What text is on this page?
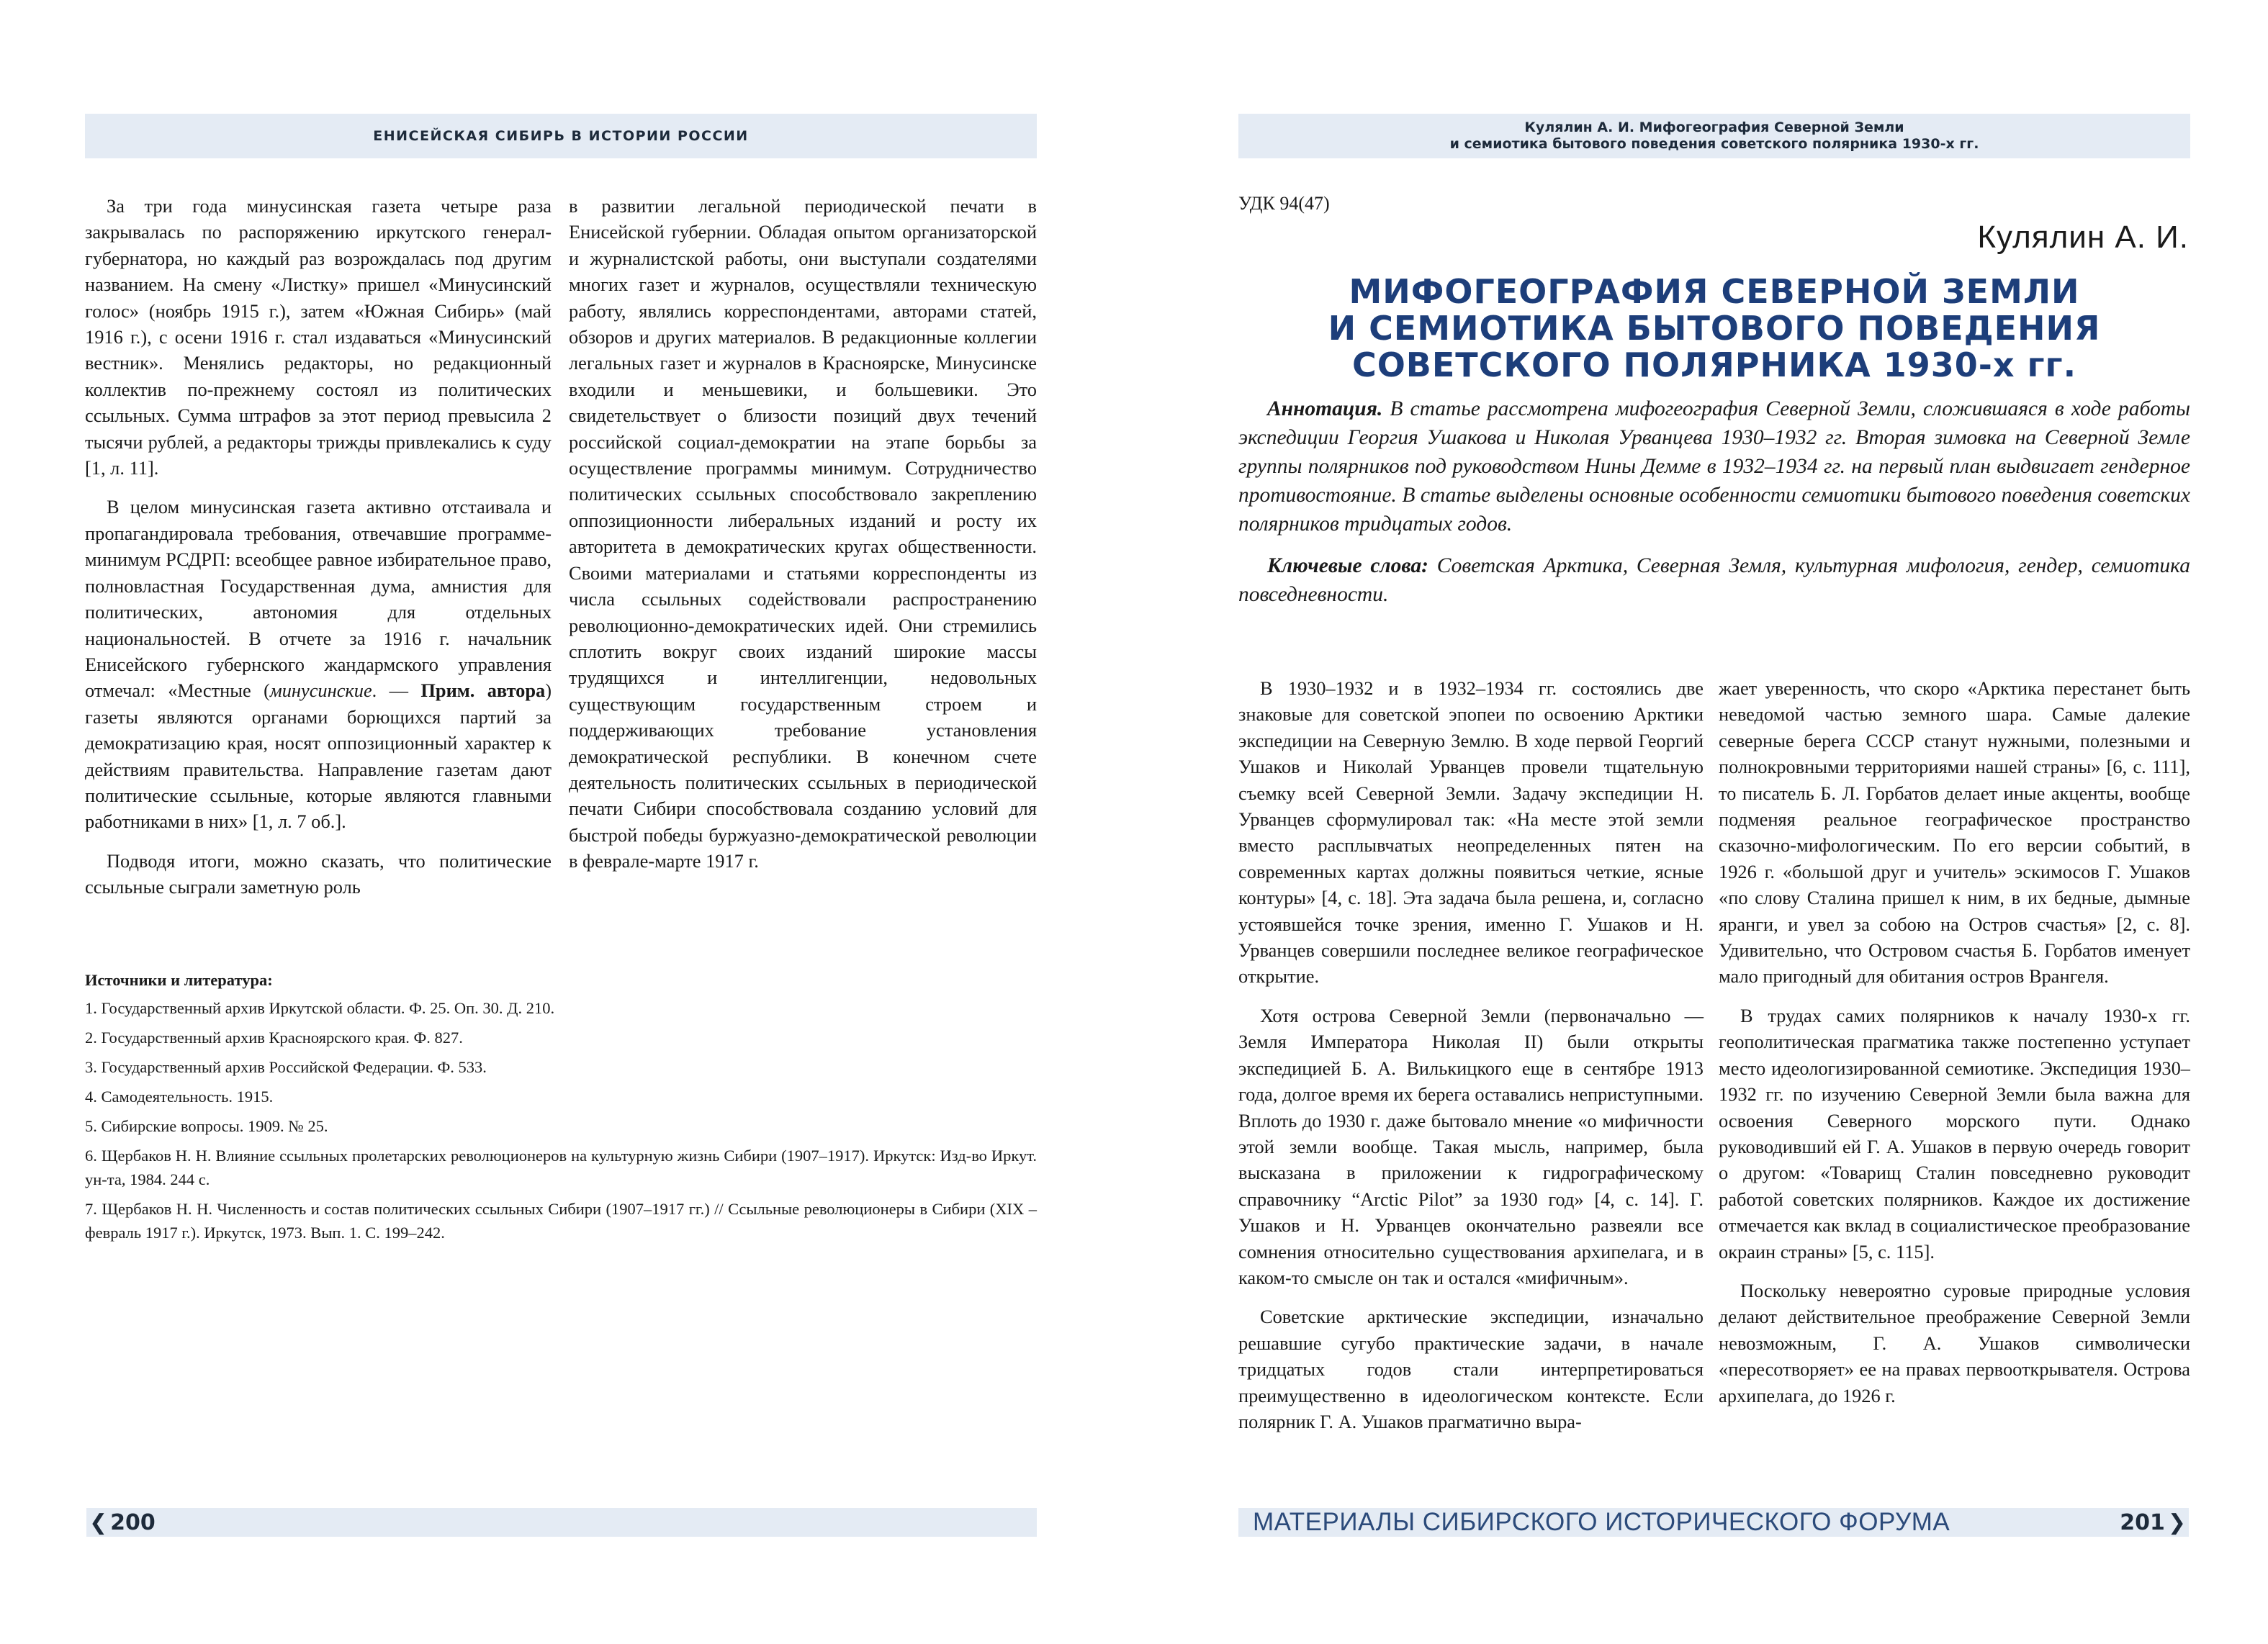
ЕНИСЕЙСКАЯ СИБИРЬ В ИСТОРИИ РОССИИ

За три года минусинская газета четыре раза закрывалась по распоряжению иркутского генерал-губернатора, но каждый раз возрождалась под другим названием. На смену «Листку» пришел «Минусинский голос» (ноябрь 1915 г.), затем «Южная Сибирь» (май 1916 г.), с осени 1916 г. стал издаваться «Минусинский вестник». Менялись редакторы, но редакционный коллектив по-прежнему состоял из политических ссыльных. Сумма штрафов за этот период превысила 2 тысячи рублей, а редакторы трижды привлекались к суду [1, л. 11].

В целом минусинская газета активно отстаивала и пропагандировала требования, отвечавшие программе-минимум РСДРП: всеобщее равное избирательное право, полновластная Государственная дума, амнистия для политических, автономия для отдельных национальностей. В отчете за 1916 г. начальник Енисейского губернского жандармского управления отмечал: «Местные (минусинские. — Прим. автора) газеты являются органами борющихся партий за демократизацию края, носят оппозиционный характер к действиям правительства. Направление газетам дают политические ссыльные, которые являются главными работниками в них» [1, л. 7 об.].

Подводя итоги, можно сказать, что политические ссыльные сыграли заметную роль

в развитии легальной периодической печати в Енисейской губернии. Обладая опытом организаторской и журналистской работы, они выступали создателями многих газет и журналов, осуществляли техническую работу, являлись корреспондентами, авторами статей, обзоров и других материалов. В редакционные коллегии легальных газет и журналов в Красноярске, Минусинске входили и меньшевики, и большевики. Это свидетельствует о близости позиций двух течений российской социал-демократии на этапе борьбы за осуществление программы минимум. Сотрудничество политических ссыльных способствовало закреплению оппозиционности либеральных изданий и росту их авторитета в демократических кругах общественности. Своими материалами и статьями корреспонденты из числа ссыльных содействовали распространению революционно-демократических идей. Они стремились сплотить вокруг своих изданий широкие массы трудящихся и интеллигенции, недовольных существующим государственным строем и поддерживающих требование установления демократической республики. В конечном счете деятельность политических ссыльных в периодической печати Сибири способствовала созданию условий для быстрой победы буржуазно-демократической революции в феврале-марте 1917 г.

Источники и литература:
1. Государственный архив Иркутской области. Ф. 25. Оп. 30. Д. 210.
2. Государственный архив Красноярского края. Ф. 827.
3. Государственный архив Российской Федерации. Ф. 533.
4. Самодеятельность. 1915.
5. Сибирские вопросы. 1909. № 25.
6. Щербаков Н. Н. Влияние ссыльных пролетарских революционеров на культурную жизнь Сибири (1907–1917). Иркутск: Изд-во Иркут. ун-та, 1984. 244 с.
7. Щербаков Н. Н. Численность и состав политических ссыльных Сибири (1907–1917 гг.) // Ссыльные революционеры в Сибири (XIX – февраль 1917 г.). Иркутск, 1973. Вып. 1. С. 199–242.
❮ 200
Кулялин А. И. Мифогеография Северной Земли
и семиотика бытового поведения советского полярника 1930-х гг.
УДК 94(47)
Кулялин А. И.
МИФОГЕОГРАФИЯ СЕВЕРНОЙ ЗЕМЛИ
И СЕМИОТИКА БЫТОВОГО ПОВЕДЕНИЯ
СОВЕТСКОГО ПОЛЯРНИКА 1930-х гг.

Аннотация. В статье рассмотрена мифогеография Северной Земли, сложившаяся в ходе работы экспедиции Георгия Ушакова и Николая Урванцева 1930–1932 гг. Вторая зимовка на Северной Земле группы полярников под руководством Нины Демме в 1932–1934 гг. на первый план выдвигает гендерное противостояние. В статье выделены основные особенности семиотики бытового поведения советских полярников тридцатых годов.

Ключевые слова: Советская Арктика, Северная Земля, культурная мифология, гендер, семиотика повседневности.

В 1930–1932 и в 1932–1934 гг. состоялись две знаковые для советской эпопеи по освоению Арктики экспедиции на Северную Землю. В ходе первой Георгий Ушаков и Николай Урванцев провели тщательную съемку всей Северной Земли. Задачу экспедиции Н. Урванцев сформулировал так: «На месте этой земли вместо расплывчатых неопределенных пятен на современных картах должны появиться четкие, ясные контуры» [4, с. 18]. Эта задача была решена, и, согласно устоявшейся точке зрения, именно Г. Ушаков и Н. Урванцев совершили последнее великое географическое открытие.

Хотя острова Северной Земли (первоначально — Земля Императора Николая II) были открыты экспедицией Б. А. Вилькицкого еще в сентябре 1913 года, долгое время их берега оставались неприступными. Вплоть до 1930 г. даже бытовало мнение «о мифичности этой земли вообще. Такая мысль, например, была высказана в приложении к гидрографическому справочнику “Arctic Pilot” за 1930 год» [4, с. 14]. Г. Ушаков и Н. Урванцев окончательно развеяли все сомнения относительно существования архипелага, и в каком-то смысле он так и остался «мифичным».

Советские арктические экспедиции, изначально решавшие сугубо практические задачи, в начале тридцатых годов стали интерпретироваться преимущественно в идеологическом контексте. Если полярник Г. А. Ушаков прагматично выра-

жает уверенность, что скоро «Арктика перестанет быть неведомой частью земного шара. Самые далекие северные берега СССР станут нужными, полезными и полнокровными территориями нашей страны» [6, с. 111], то писатель Б. Л. Горбатов делает иные акценты, вообще подменяя реальное географическое пространство сказочно-мифологическим. По его версии событий, в 1926 г. «большой друг и учитель» эскимосов Г. Ушаков «по слову Сталина пришел к ним, в их бедные, дымные яранги, и увел за собою на Остров счастья» [2, с. 8]. Удивительно, что Островом счастья Б. Горбатов именует мало пригодный для обитания остров Врангеля.

В трудах самих полярников к началу 1930-х гг. геополитическая прагматика также постепенно уступает место идеологизированной семиотике. Экспедиция 1930–1932 гг. по изучению Северной Земли была важна для освоения Северного морского пути. Однако руководивший ей Г. А. Ушаков в первую очередь говорит о другом: «Товарищ Сталин повседневно руководит работой советских полярников. Каждое их достижение отмечается как вклад в социалистическое преобразование окраин страны» [5, с. 115].

Поскольку невероятно суровые природные условия делают действительное преображение Северной Земли невозможным, Г. А. Ушаков символически «пересотворяет» ее на правах первооткрывателя. Острова архипелага, до 1926 г.

МАТЕРИАЛЫ СИБИРСКОГО ИСТОРИЧЕСКОГО ФОРУМА	201 ❯
